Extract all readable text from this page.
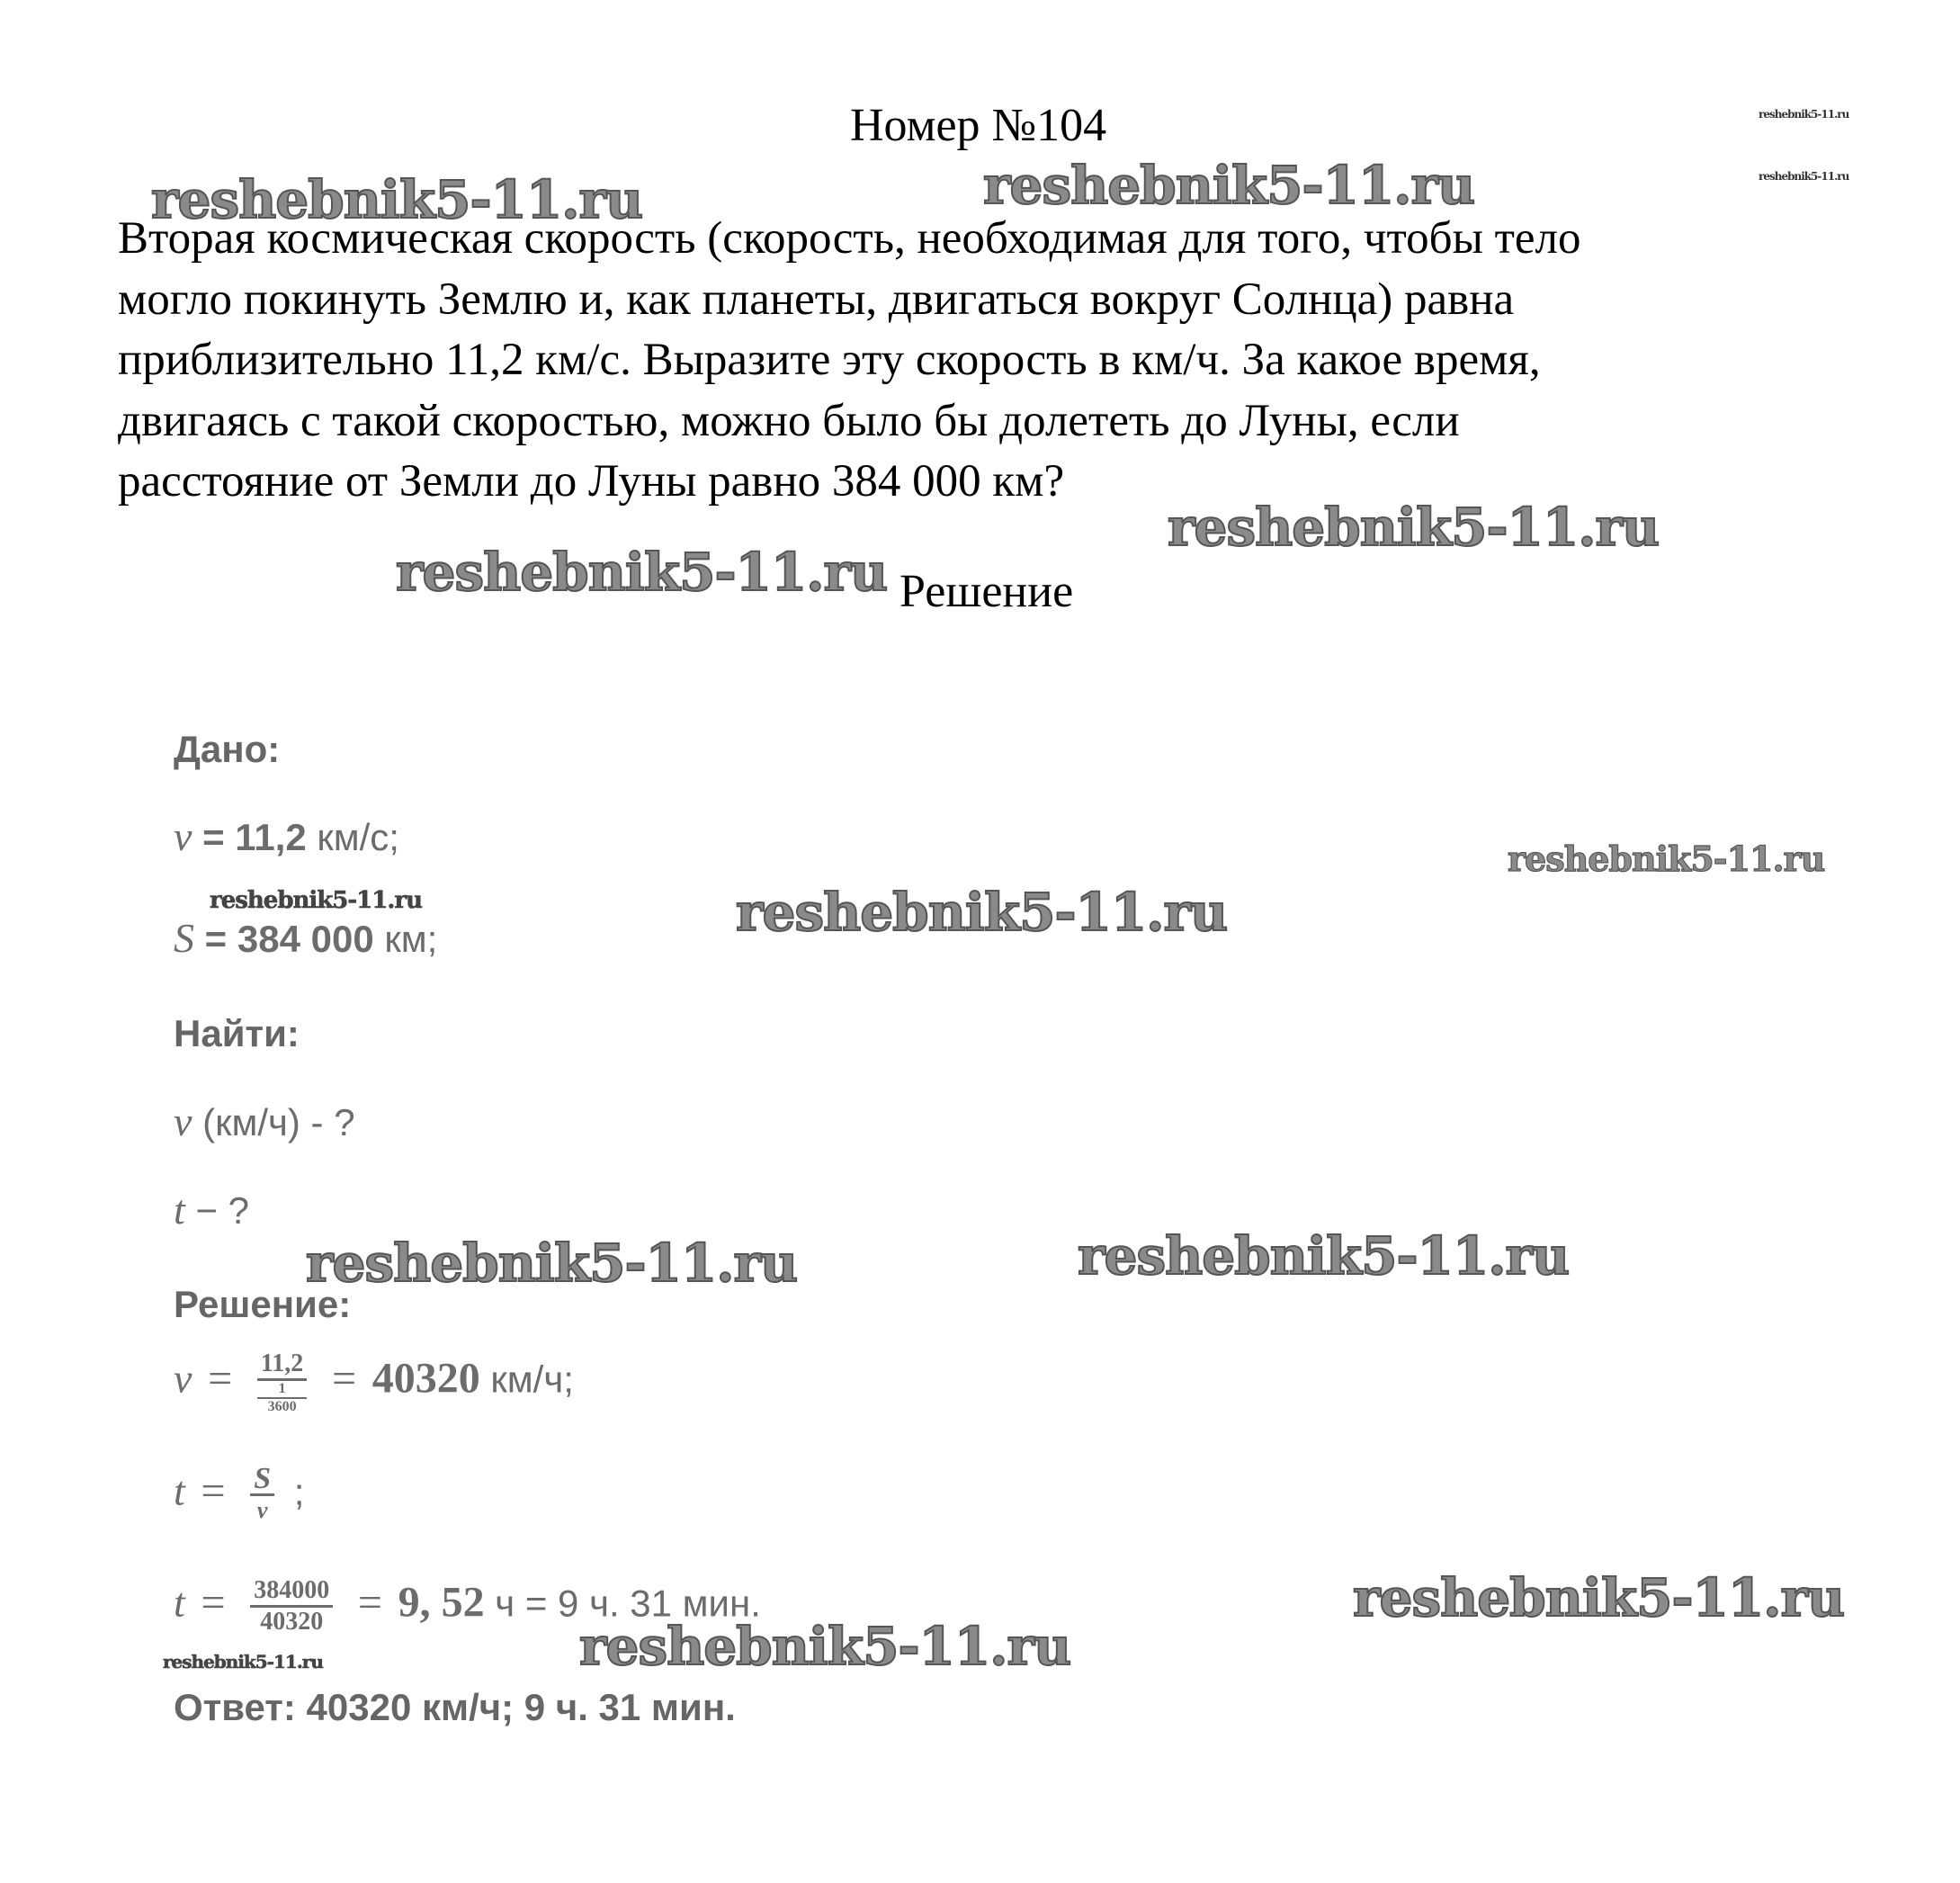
Номер №104
Вторая космическая скорость (скорость, необходимая для того, чтобы тело
могло покинуть Землю и, как планеты, двигаться вокруг Солнца) равна
приблизительно 11,2 км/с. Выразите эту скорость в км/ч. За какое время,
двигаясь с такой скоростью, можно было бы долететь до Луны, если
расстояние от Земли до Луны равно 384 000 км?
Решение
Дано:
v = 11,2 км/с;
S = 384 000 км;
Найти:
v (км/ч) - ?
t − ?
Решение:
v = 11,2
1
3600 = 40320 км/ч;
$t = \frac{S}{v}$ ;
$t = \frac{384000}{40320} = 9$, 52 ч = 9 ч. 31 мин.
Ответ: 40320 км/ч; 9 ч. 31 мин.
reshebnik5-11.ru	reshebnik5-11.ru
reshebnik5-11.ru
reshebnik5-11.ru
reshebnik5-11.ru
reshebnik5-11.ru
reshebnik5-11.ru
reshebnik5-11.ru	reshebnik5-11.ru
reshebnik5-11.ru	reshebnik5-11.ru
reshebnik5-11.ru
reshebnik5-11.ru
reshebnik5-11.ru
